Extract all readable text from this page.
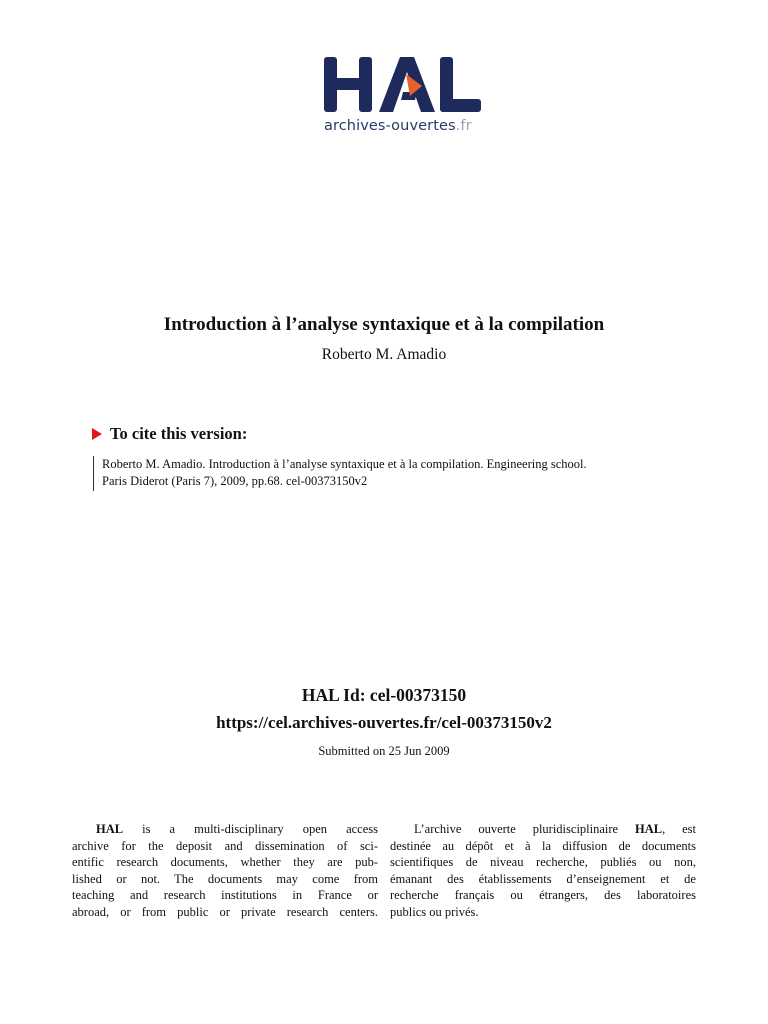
archives-ouvertes.fr
Introduction à l’analyse syntaxique et à la compilation
Roberto M. Amadio
To cite this version:
Roberto M. Amadio. Introduction à l’analyse syntaxique et à la compilation. Engineering school.
Paris Diderot (Paris 7), 2009, pp.68. cel-00373150v2
HAL Id: cel-00373150
https://cel.archives-ouvertes.fr/cel-00373150v2
Submitted on 25 Jun 2009
HAL is a multi-disciplinary open access
archive for the deposit and dissemination of sci-
entific research documents, whether they are pub-
lished or not. The documents may come from
teaching and research institutions in France or
abroad, or from public or private research centers.
L’archive ouverte pluridisciplinaire HAL, est
destinée au dépôt et à la diffusion de documents
scientifiques de niveau recherche, publiés ou non,
émanant des établissements d’enseignement et de
recherche français ou étrangers, des laboratoires
publics ou privés.
